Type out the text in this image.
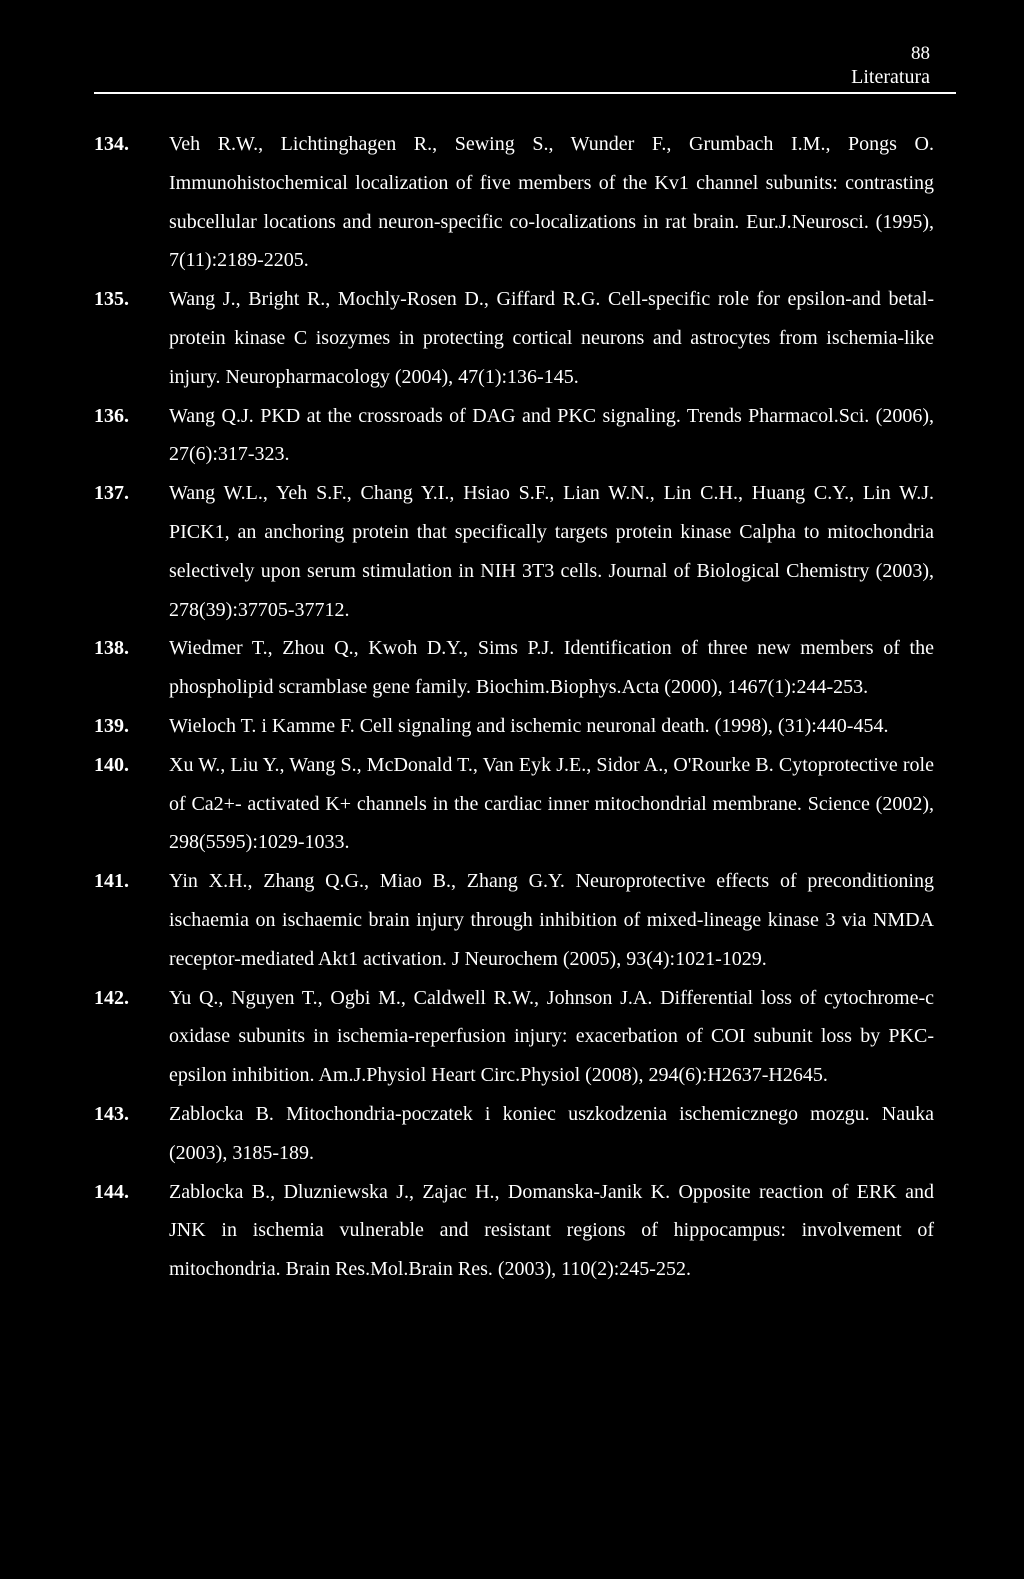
88
Literatura
134. Veh R.W., Lichtinghagen R., Sewing S., Wunder F., Grumbach I.M., Pongs O. Immunohistochemical localization of five members of the Kv1 channel subunits: contrasting subcellular locations and neuron-specific co-localizations in rat brain. Eur.J.Neurosci. (1995), 7(11):2189-2205.
135. Wang J., Bright R., Mochly-Rosen D., Giffard R.G. Cell-specific role for epsilon-and betal-protein kinase C isozymes in protecting cortical neurons and astrocytes from ischemia-like injury. Neuropharmacology (2004), 47(1):136-145.
136. Wang Q.J. PKD at the crossroads of DAG and PKC signaling. Trends Pharmacol.Sci. (2006), 27(6):317-323.
137. Wang W.L., Yeh S.F., Chang Y.I., Hsiao S.F., Lian W.N., Lin C.H., Huang C.Y., Lin W.J. PICK1, an anchoring protein that specifically targets protein kinase Calpha to mitochondria selectively upon serum stimulation in NIH 3T3 cells. Journal of Biological Chemistry (2003), 278(39):37705-37712.
138. Wiedmer T., Zhou Q., Kwoh D.Y., Sims P.J. Identification of three new members of the phospholipid scramblase gene family. Biochim.Biophys.Acta (2000), 1467(1):244-253.
139. Wieloch T. i Kamme F. Cell signaling and ischemic neuronal death. (1998), (31):440-454.
140. Xu W., Liu Y., Wang S., McDonald T., Van Eyk J.E., Sidor A., O'Rourke B. Cytoprotective role of Ca2+- activated K+ channels in the cardiac inner mitochondrial membrane. Science (2002), 298(5595):1029-1033.
141. Yin X.H., Zhang Q.G., Miao B., Zhang G.Y. Neuroprotective effects of preconditioning ischaemia on ischaemic brain injury through inhibition of mixed-lineage kinase 3 via NMDA receptor-mediated Akt1 activation. J Neurochem (2005), 93(4):1021-1029.
142. Yu Q., Nguyen T., Ogbi M., Caldwell R.W., Johnson J.A. Differential loss of cytochrome-c oxidase subunits in ischemia-reperfusion injury: exacerbation of COI subunit loss by PKC-epsilon inhibition. Am.J.Physiol Heart Circ.Physiol (2008), 294(6):H2637-H2645.
143. Zablocka B. Mitochondria-poczatek i koniec uszkodzenia ischemicznego mozgu. Nauka (2003), 3185-189.
144. Zablocka B., Dluzniewska J., Zajac H., Domanska-Janik K. Opposite reaction of ERK and JNK in ischemia vulnerable and resistant regions of hippocampus: involvement of mitochondria. Brain Res.Mol.Brain Res. (2003), 110(2):245-252.
